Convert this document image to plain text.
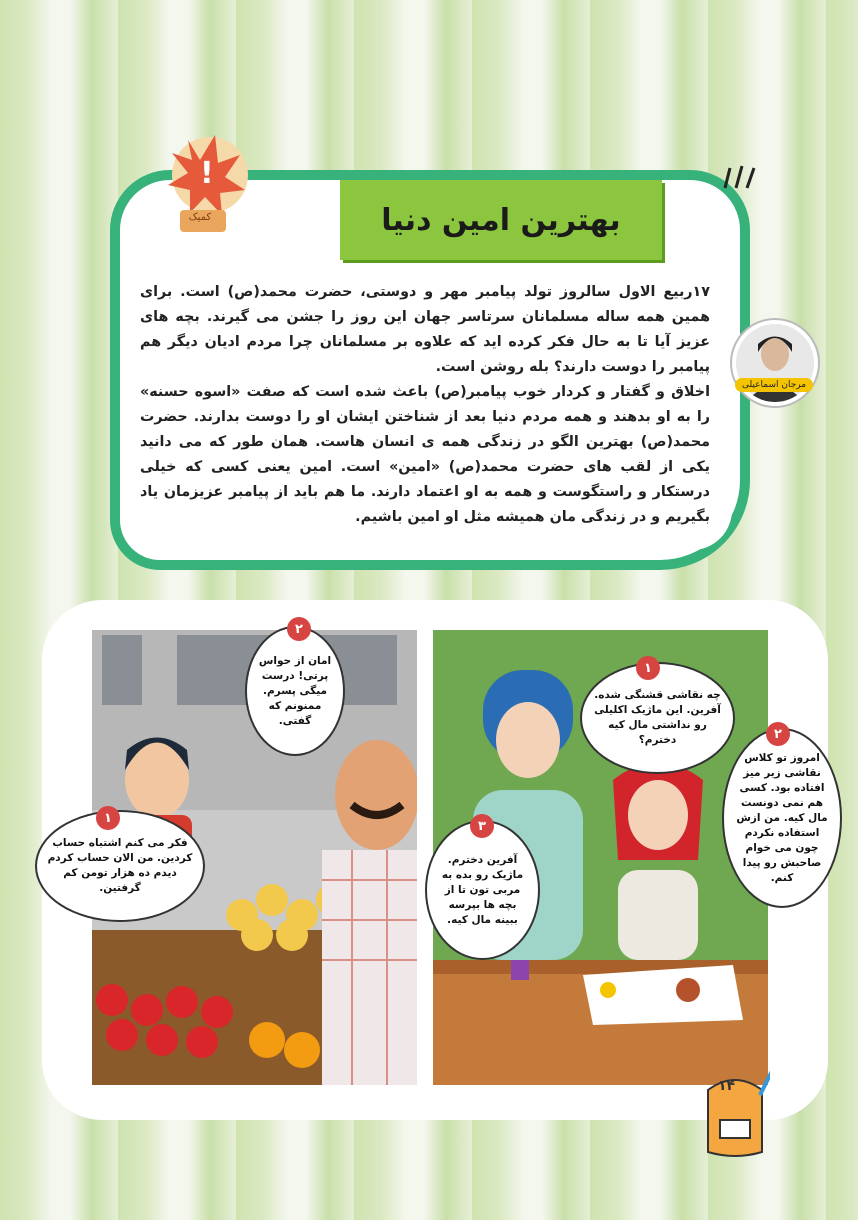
!
کمیک	بهترین امین دنیا

۱۷ربیع الاول سالروز تولد پیامبر مهر و دوستی، حضرت محمد(ص) است. برای همین همه ساله مسلمانان سرتاسر جهان این روز را جشن می گیرند. بچه های عزیز آیا تا به حال فکر کرده اید که علاوه بر مسلمانان چرا مردم ادیان دیگر هم پیامبر را دوست دارند؟ بله روشن است.

اخلاق و گفتار و کردار خوب پیامبر(ص) باعث شده است که صفت «اسوه حسنه» را به او بدهند و همه مردم دنیا بعد از شناختن ایشان او را دوست بدارند. حضرت محمد(ص) بهترین الگو در زندگی همه ی انسان هاست. همان طور که می دانید یکی از لقب های حضرت محمد(ص) «امین» است. امین یعنی کسی که خیلی درستکار و راستگوست و همه به او اعتماد دارند. ما هم باید از پیامبر عزیزمان یاد بگیریم و در زندگی مان همیشه مثل او امین باشیم.

مرجان اسماعیلی
فکر می کنم اشتباه حساب کردین. من الان حساب کردم دیدم ده هزار تومن کم گرفتین.
۱
امان از حواس پرتی! درست میگی پسرم. ممنونم که گفتی.
۲
چه نقاشی قشنگی شده. آفرین. این ماژیک اکلیلی رو نداشتی مال کیه دخترم؟
۱
امروز تو کلاس نقاشی زیر میز افتاده بود. کسی هم نمی دونست مال کیه. من ازش استفاده نکردم چون می خوام صاحبش رو پیدا کنم.
۲
آفرین دخترم. ماژیک رو بده به مربی تون تا از بچه ها بپرسه ببینه مال کیه.
۳
۱۴
